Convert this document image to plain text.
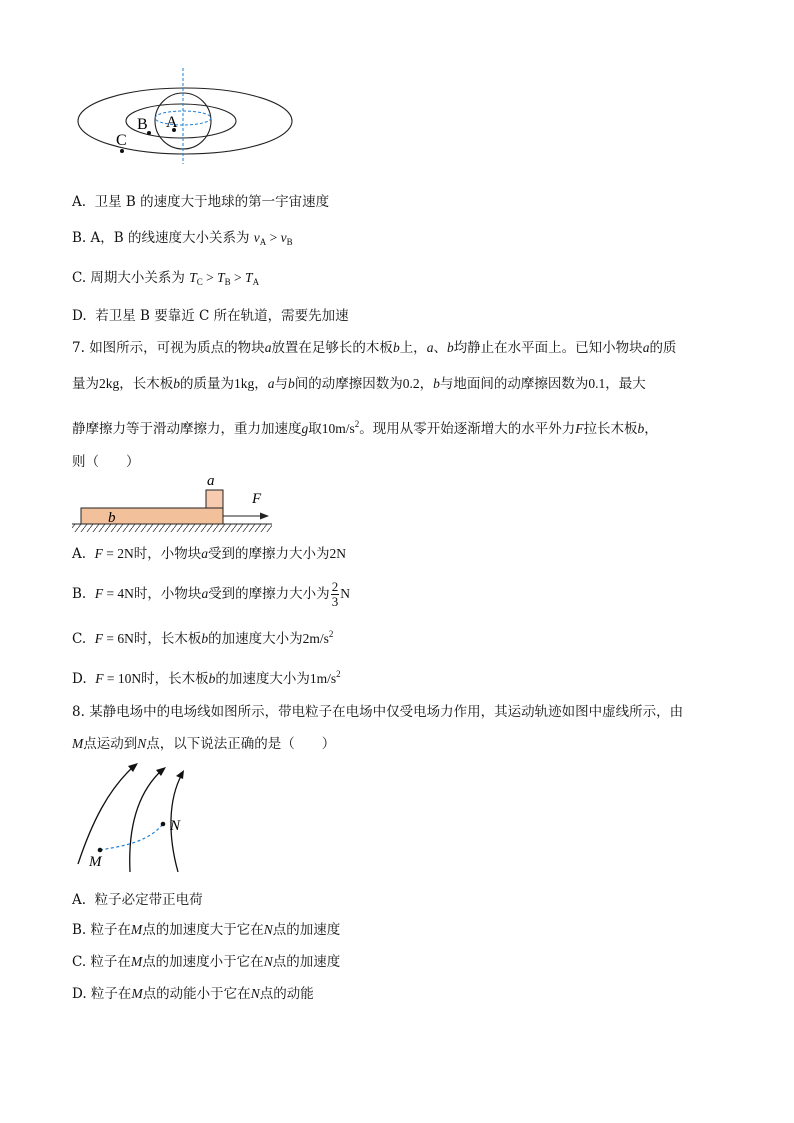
A
B
C
A. 卫星 B 的速度大于地球的第一宇宙速度
B. A，B 的线速度大小关系为 $v_A > v_B$
C. 周期大小关系为 $T_C > T_B > T_A$
D. 若卫星 B 要靠近 C 所在轨道，需要先加速
7. 如图所示，可视为质点的物块a放置在足够长的木板b上，a、b均静止在水平面上。已知小物块a的质
量为2kg，长木板b的质量为1kg，a与b间的动摩擦因数为0.2，b与地面间的动摩擦因数为0.1，最大
静摩擦力等于滑动摩擦力，重力加速度g取$10m/s^2$。现用从零开始逐渐增大的水平外力F拉长木板b，
则（　　）
a
b
F
A. F = 2N时，小物块a受到的摩擦力大小为2N
B. F = 4N时，小物块a受到的摩擦力大小为 $\frac{2}{3}$ N
C. F = 6N时，长木板b的加速度大小为$2m/s^2$
D. F = 10N时，长木板b的加速度大小为$1m/s^2$
8. 某静电场中的电场线如图所示，带电粒子在电场中仅受电场力作用，其运动轨迹如图中虚线所示，由
M点运动到N点，以下说法正确的是（　　）
M
N
A. 粒子必定带正电荷
B. 粒子在M点的加速度大于它在N点的加速度
C. 粒子在M点的加速度小于它在N点的加速度
D. 粒子在M点的动能小于它在N点的动能
